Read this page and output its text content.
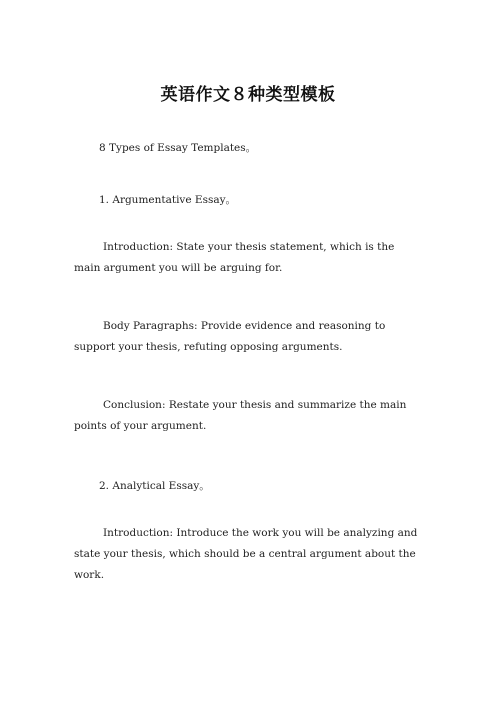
英语作文８种类型模板
8 Types of Essay Templates。
1. Argumentative Essay。
Introduction: State your thesis statement, which is the main argument you will be arguing for.
Body Paragraphs: Provide evidence and reasoning to support your thesis, refuting opposing arguments.
Conclusion: Restate your thesis and summarize the main points of your argument.
2. Analytical Essay。
Introduction: Introduce the work you will be analyzing and state your thesis, which should be a central argument about the work.
